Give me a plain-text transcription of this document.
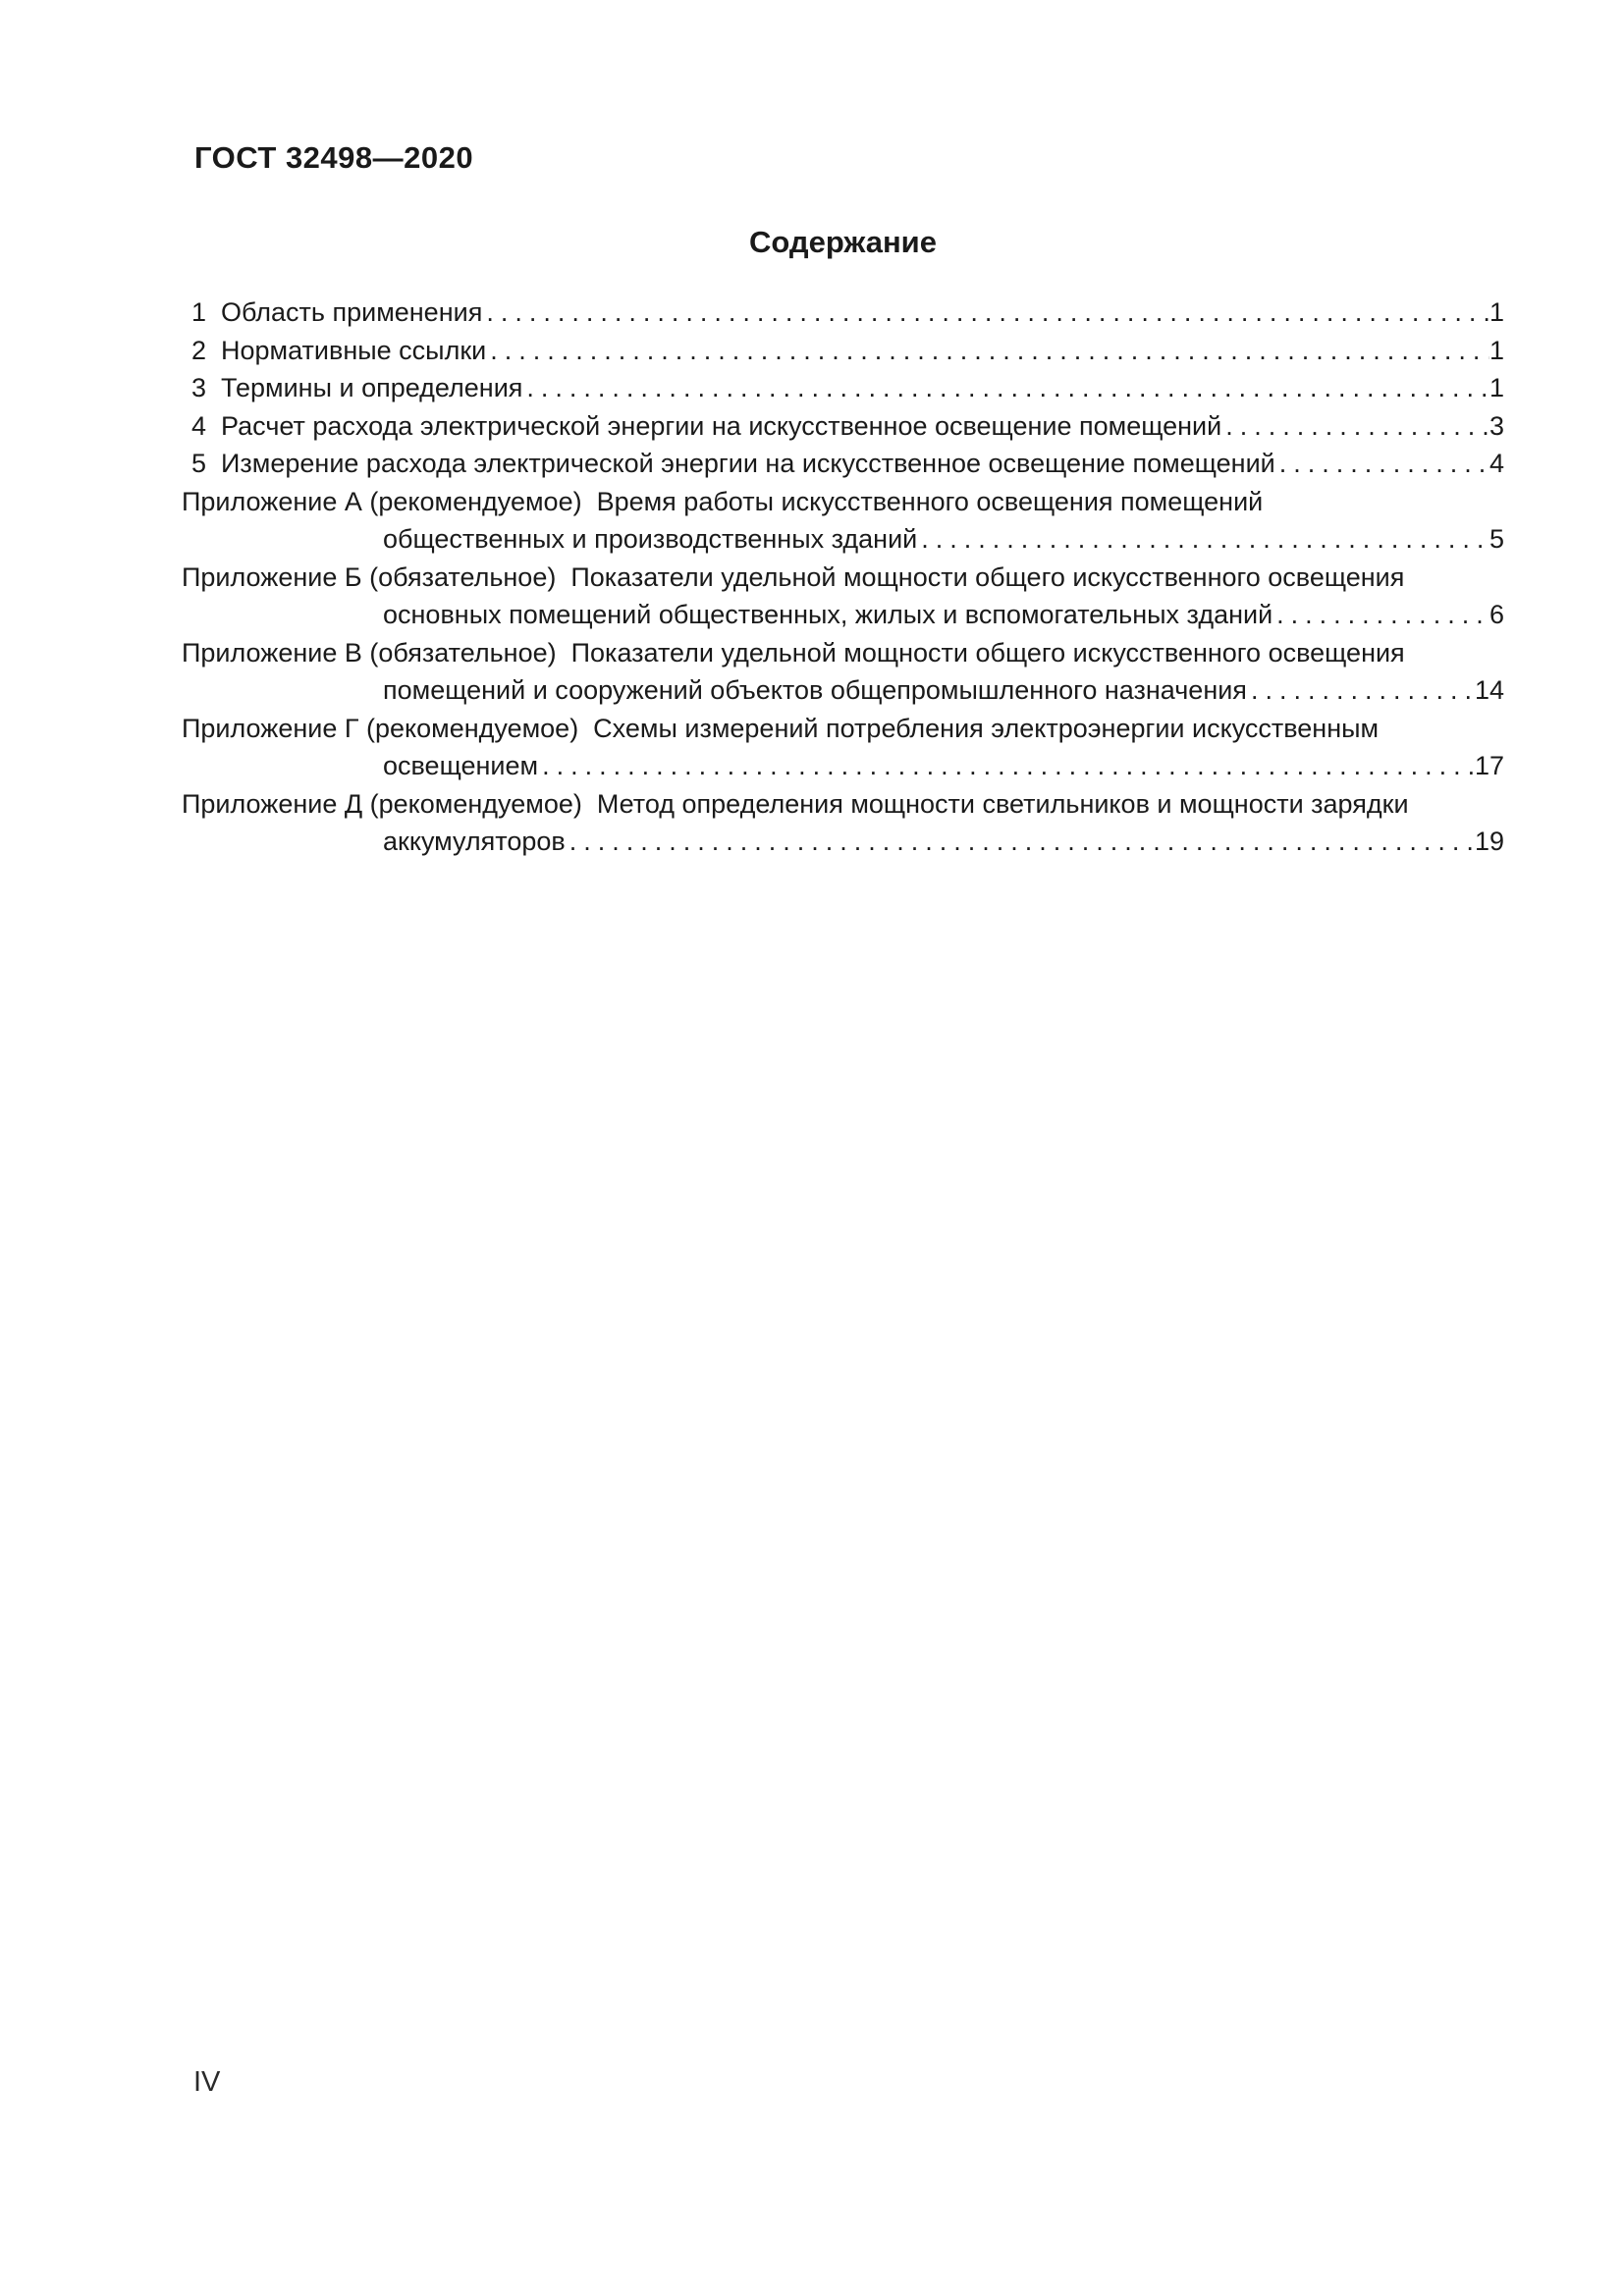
ГОСТ 32498—2020
Содержание
1  Область применения .....	1
2  Нормативные ссылки .....	1
3  Термины и определения .....	1
4  Расчет расхода электрической энергии на искусственное освещение помещений .....	3
5  Измерение расхода электрической энергии на искусственное освещение помещений .....	4
Приложение А (рекомендуемое)  Время работы искусственного освещения помещений
общественных и производственных зданий .....	5
Приложение Б (обязательное)  Показатели удельной мощности общего искусственного освещения
основных помещений общественных, жилых и вспомогательных зданий .....	6
Приложение В (обязательное)  Показатели удельной мощности общего искусственного освещения
помещений и сооружений объектов общепромышленного назначения .....	14
Приложение Г (рекомендуемое)  Схемы измерений потребления электроэнергии искусственным
освещением .....	17
Приложение Д (рекомендуемое)  Метод определения мощности светильников и мощности зарядки
аккумуляторов .....	19
IV
